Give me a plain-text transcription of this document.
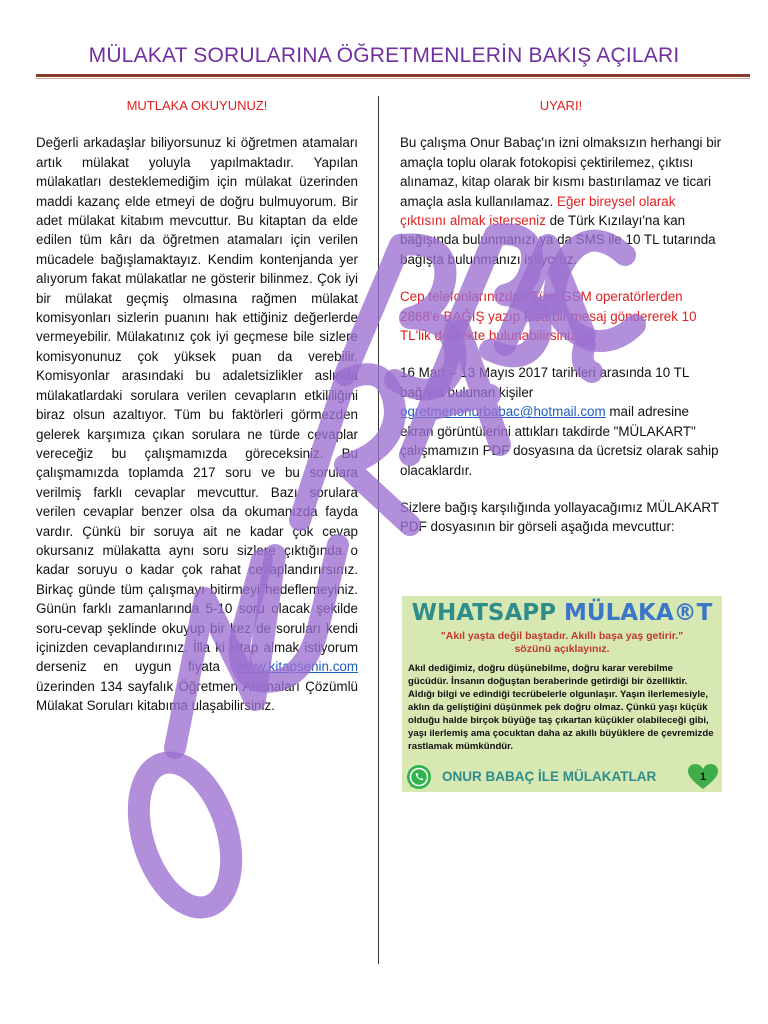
MÜLAKAT SORULARINA ÖĞRETMENLERİN BAKIŞ AÇILARI
MUTLAKA OKUYUNUZ!

Değerli arkadaşlar biliyorsunuz ki öğretmen atamaları artık mülakat yoluyla yapılmaktadır. Yapılan mülakatları desteklemediğim için mülakat üzerinden maddi kazanç elde etmeyi de doğru bulmuyorum. Bir adet mülakat kitabım mevcuttur. Bu kitaptan da elde edilen tüm kârı da öğretmen atamaları için verilen mücadele bağışlamaktayız. Kendim kontenjanda yer alıyorum fakat mülakatlar ne gösterir bilinmez. Çok iyi bir mülakat geçmiş olmasına rağmen mülakat komisyonları sizlerin puanını hak ettiğiniz değerlerde vermeyebilir. Mülakatınız çok iyi geçmese bile sizlere komisyonunuz çok yüksek puan da verebilir. Komisyonlar arasındaki bu adaletsizlikler aslında mülakatlardaki sorulara verilen cevapların etkililiğini biraz olsun azaltıyor. Tüm bu faktörleri görmezden gelerek karşımıza çıkan sorulara ne türde cevaplar vereceğiz bu çalışmamızda göreceksiniz. Bu çalışmamızda toplamda 217 soru ve bu sorulara verilmiş farklı cevaplar mevcuttur. Bazı sorulara verilen cevaplar benzer olsa da okumanızda fayda vardır. Çünkü bir soruya ait ne kadar çok cevap okursanız mülakatta aynı soru sizlere çıktığında o kadar soruyu o kadar çok rahat cevaplandırırsınız. Birkaç günde tüm çalışmayı bitirmeyi hedeflemeyiniz. Günün farklı zamanlarında 5-10 soru olacak şekilde soru-cevap şeklinde okuyup bir kez de soruları kendi içinizden cevaplandırınız. İlla ki kitap almak istiyorum derseniz en uygun fiyata www.kitapsenin.com üzerinden 134 sayfalık Öğretmen Atamaları Çözümlü Mülakat Soruları kitabıma ulaşabilirsiniz.

UYARI!

Bu çalışma Onur Babaç'ın izni olmaksızın herhangi bir amaçla toplu olarak fotokopisi çektirilemez, çıktısı alınamaz, kitap olarak bir kısmı bastırılamaz ve ticari amaçla asla kullanılamaz. Eğer bireysel olarak çıktısını almak isterseniz de Türk Kızılayı'na kan bağışında bulunmanızı ya da SMS ile 10 TL tutarında bağışta bulunmanızı istiyoruz.

Cep telefonlarınızdan Tüm GSM operatörlerden 2868'e BAĞIŞ yazıp kısa bir mesaj göndererek 10 TL'lik destekte bulunabilirsiniz.

16 Mart – 13 Mayıs 2017 tarihleri arasında 10 TL bağışta bulunan kişiler ogretmenonurbabac@hotmail.com mail adresine ekran görüntülerini attıkları takdirde "MÜLAKART" çalışmamızın PDF dosyasına da ücretsiz olarak sahip olacaklardır.

Sizlere bağış karşılığında yollayacağımız MÜLAKART PDF dosyasının bir görseli aşağıda mevcuttur:

WHATSAPP MÜLAKA®T
"Akıl yaşta değil baştadır. Akıllı başa yaş getirir."
sözünü açıklayınız.
Akıl dediğimiz, doğru düşünebilme, doğru karar verebilme gücüdür. İnsanın doğuştan beraberinde getirdiği bir özelliktir. Aldığı bilgi ve edindiği tecrübelerle olgunlaşır. Yaşın ilerlemesiyle, aklın da geliştiğini düşünmek pek doğru olmaz. Çünkü yaşı küçük olduğu halde birçok büyüğe taş çıkartan küçükler olabileceği gibi, yaşı ilerlemiş ama çocuktan daha az akıllı büyüklere de çevremizde rastlamak mümkündür.
ONUR BABAÇ İLE MÜLAKATLAR	1
